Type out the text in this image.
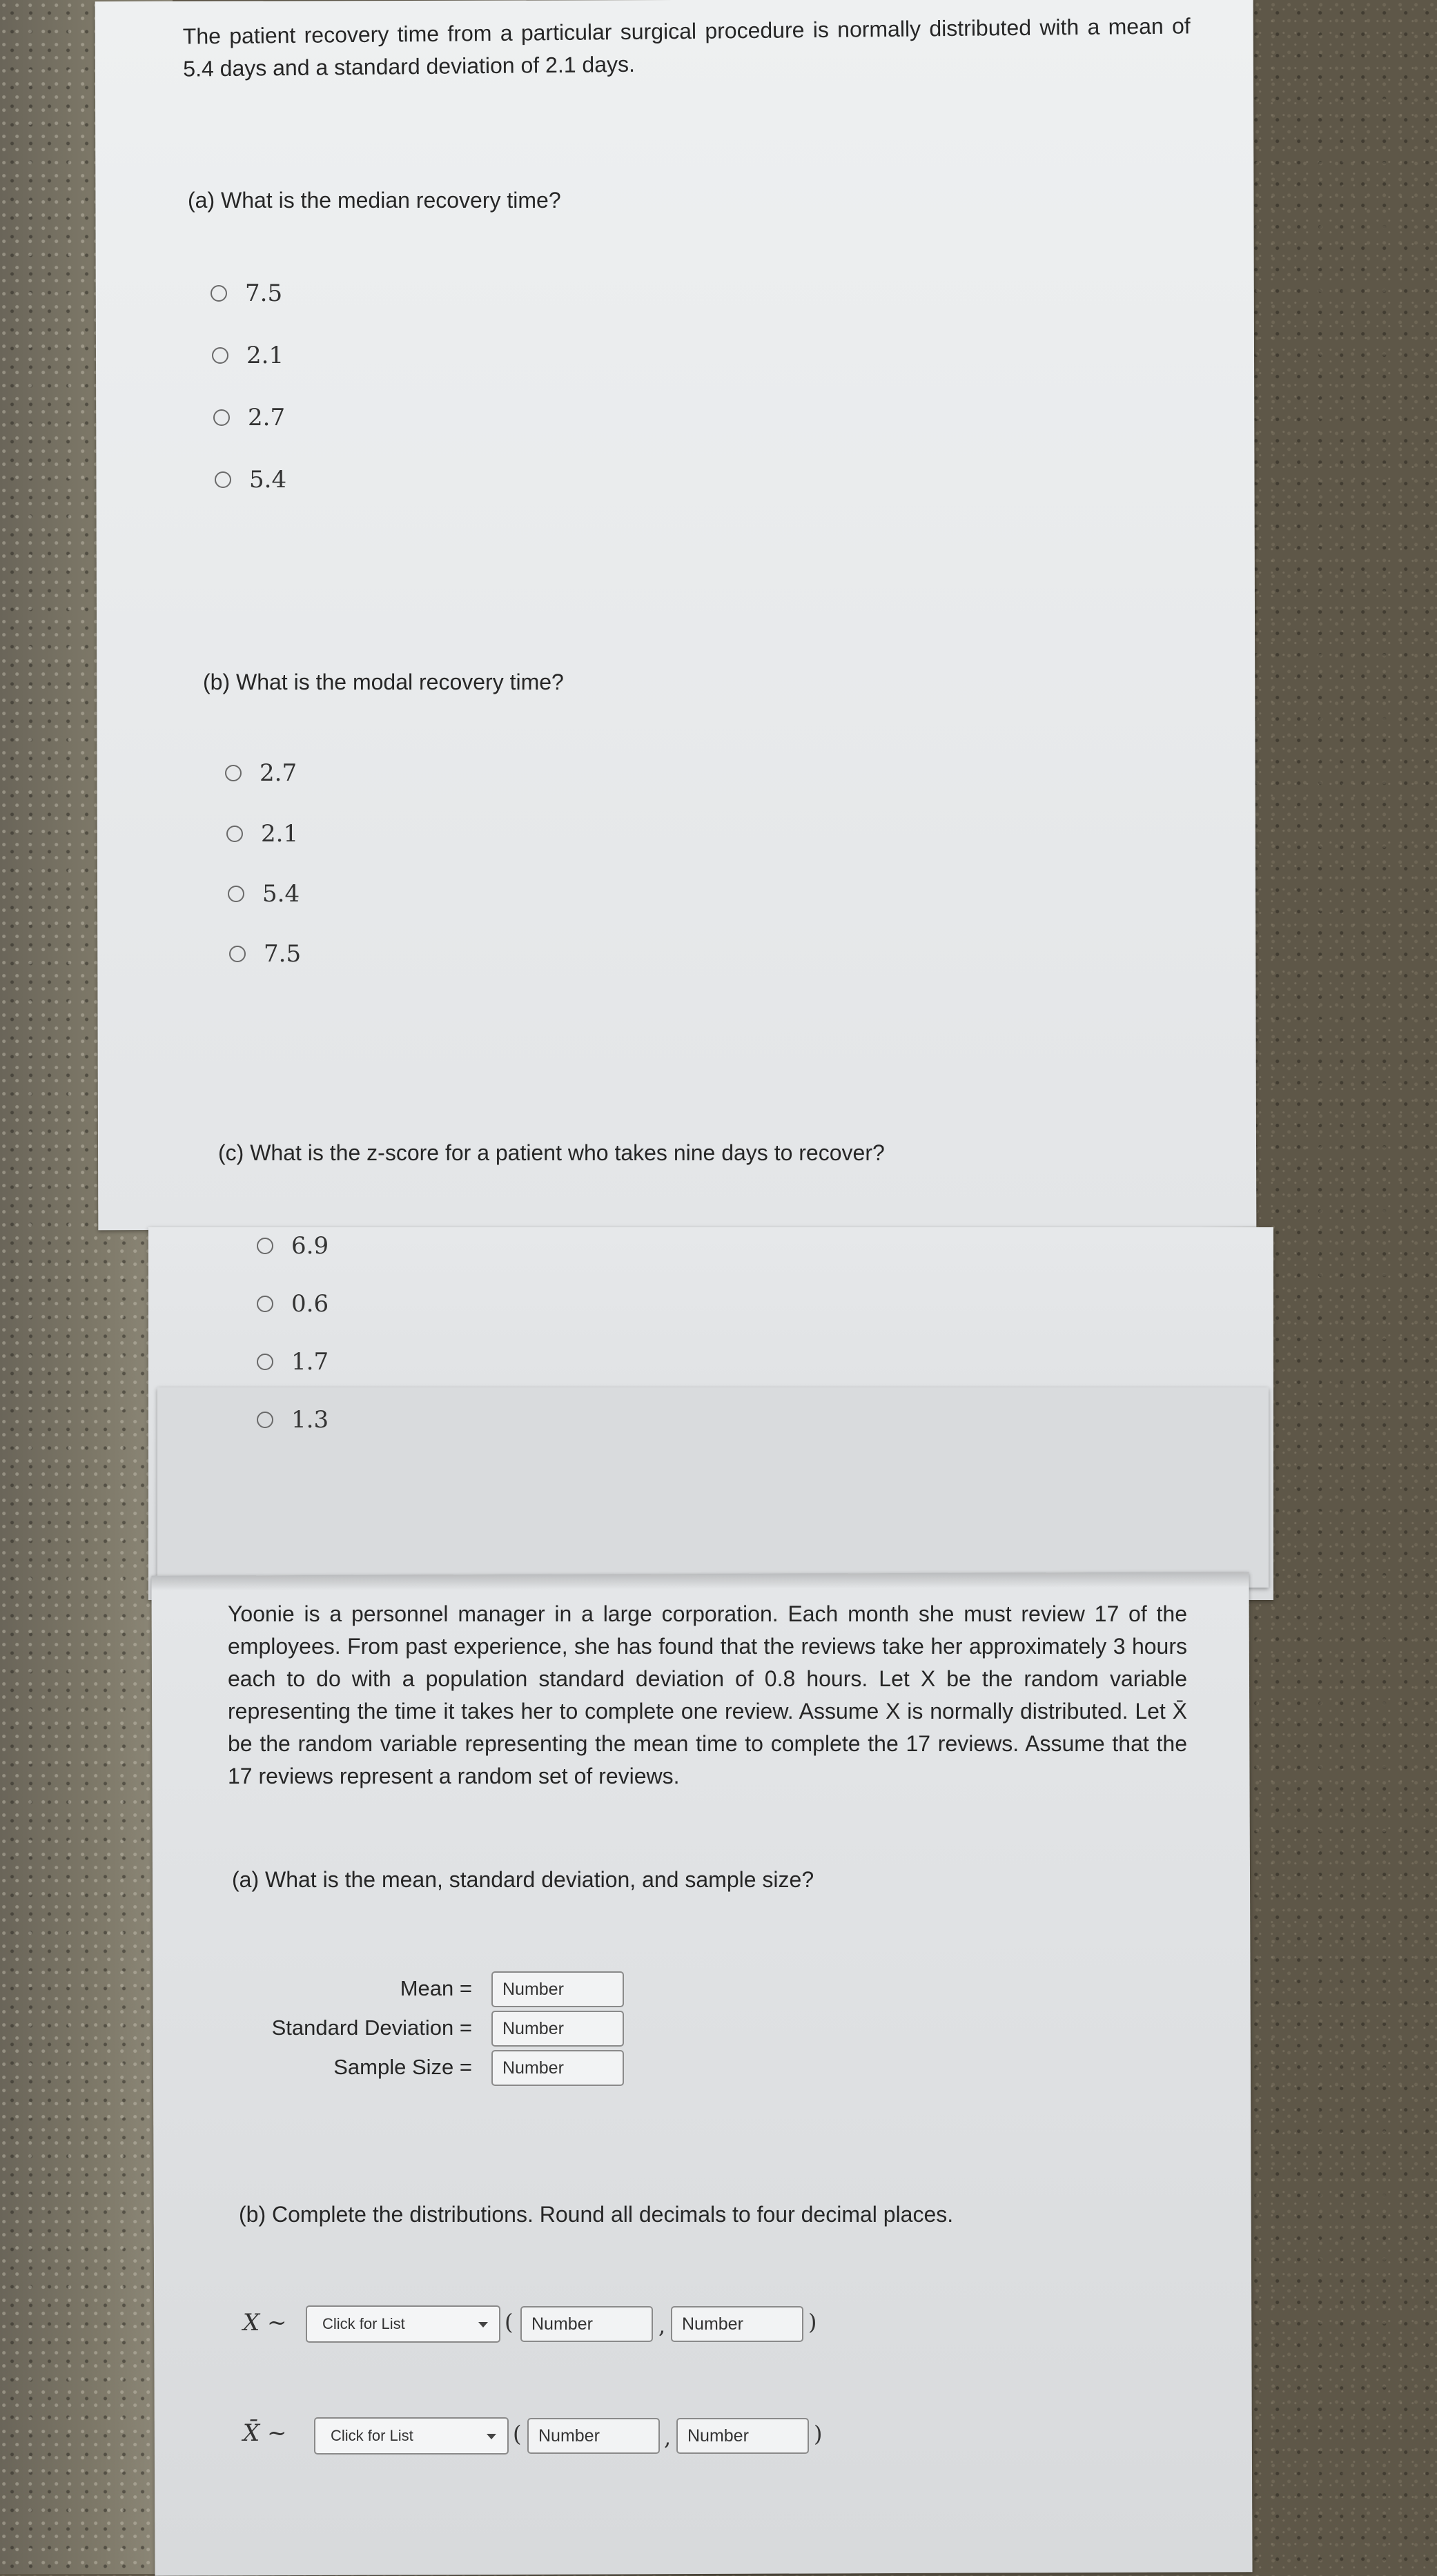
The patient recovery time from a particular surgical procedure is normally distributed with a mean of 5.4 days and a standard deviation of 2.1 days.
(a) What is the median recovery time?
7.5
2.1
2.7
5.4
(b) What is the modal recovery time?
2.7
2.1
5.4
7.5
(c) What is the z-score for a patient who takes nine days to recover?
6.9
0.6
1.7
1.3
Yoonie is a personnel manager in a large corporation. Each month she must review 17 of the employees. From past experience, she has found that the reviews take her approximately 3 hours each to do with a population standard deviation of 0.8 hours. Let X be the random variable representing the time it takes her to complete one review. Assume X is normally distributed. Let X̄ be the random variable representing the mean time to complete the 17 reviews. Assume that the 17 reviews represent a random set of reviews.
(a) What is the mean, standard deviation, and sample size?
Mean =	Number
Standard Deviation =	Number
Sample Size =	Number
(b) Complete the distributions. Round all decimals to four decimal places.
X ~	Click for List	(	Number	, Number	)
X̄ ~	Click for List	( Number	, Number	)
